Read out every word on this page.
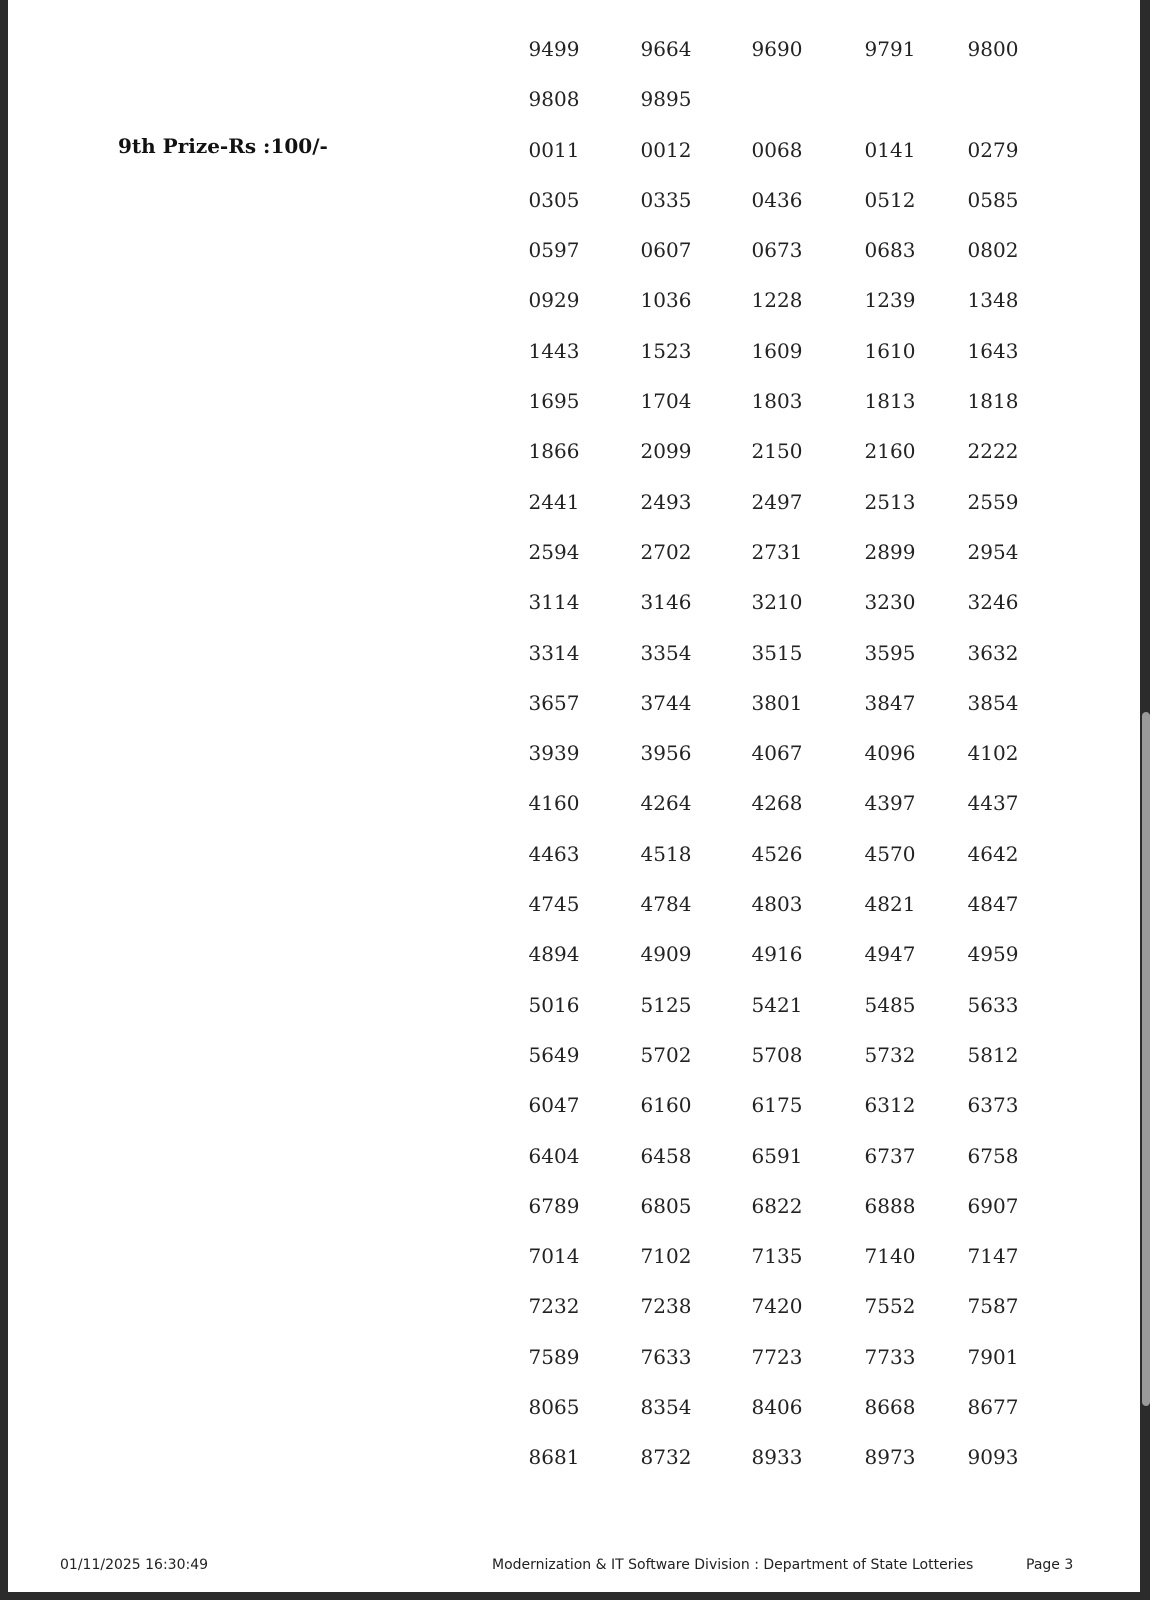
9th Prize-Rs :100/-
9499	9664	9690	9791	9800
9808	9895
0011	0012	0068	0141	0279
0305	0335	0436	0512	0585
0597	0607	0673	0683	0802
0929	1036	1228	1239	1348
1443	1523	1609	1610	1643
1695	1704	1803	1813	1818
1866	2099	2150	2160	2222
2441	2493	2497	2513	2559
2594	2702	2731	2899	2954
3114	3146	3210	3230	3246
3314	3354	3515	3595	3632
3657	3744	3801	3847	3854
3939	3956	4067	4096	4102
4160	4264	4268	4397	4437
4463	4518	4526	4570	4642
4745	4784	4803	4821	4847
4894	4909	4916	4947	4959
5016	5125	5421	5485	5633
5649	5702	5708	5732	5812
6047	6160	6175	6312	6373
6404	6458	6591	6737	6758
6789	6805	6822	6888	6907
7014	7102	7135	7140	7147
7232	7238	7420	7552	7587
7589	7633	7723	7733	7901
8065	8354	8406	8668	8677
8681	8732	8933	8973	9093
01/11/2025 16:30:49	Modernization & IT Software Division : Department of State Lotteries	Page 3
